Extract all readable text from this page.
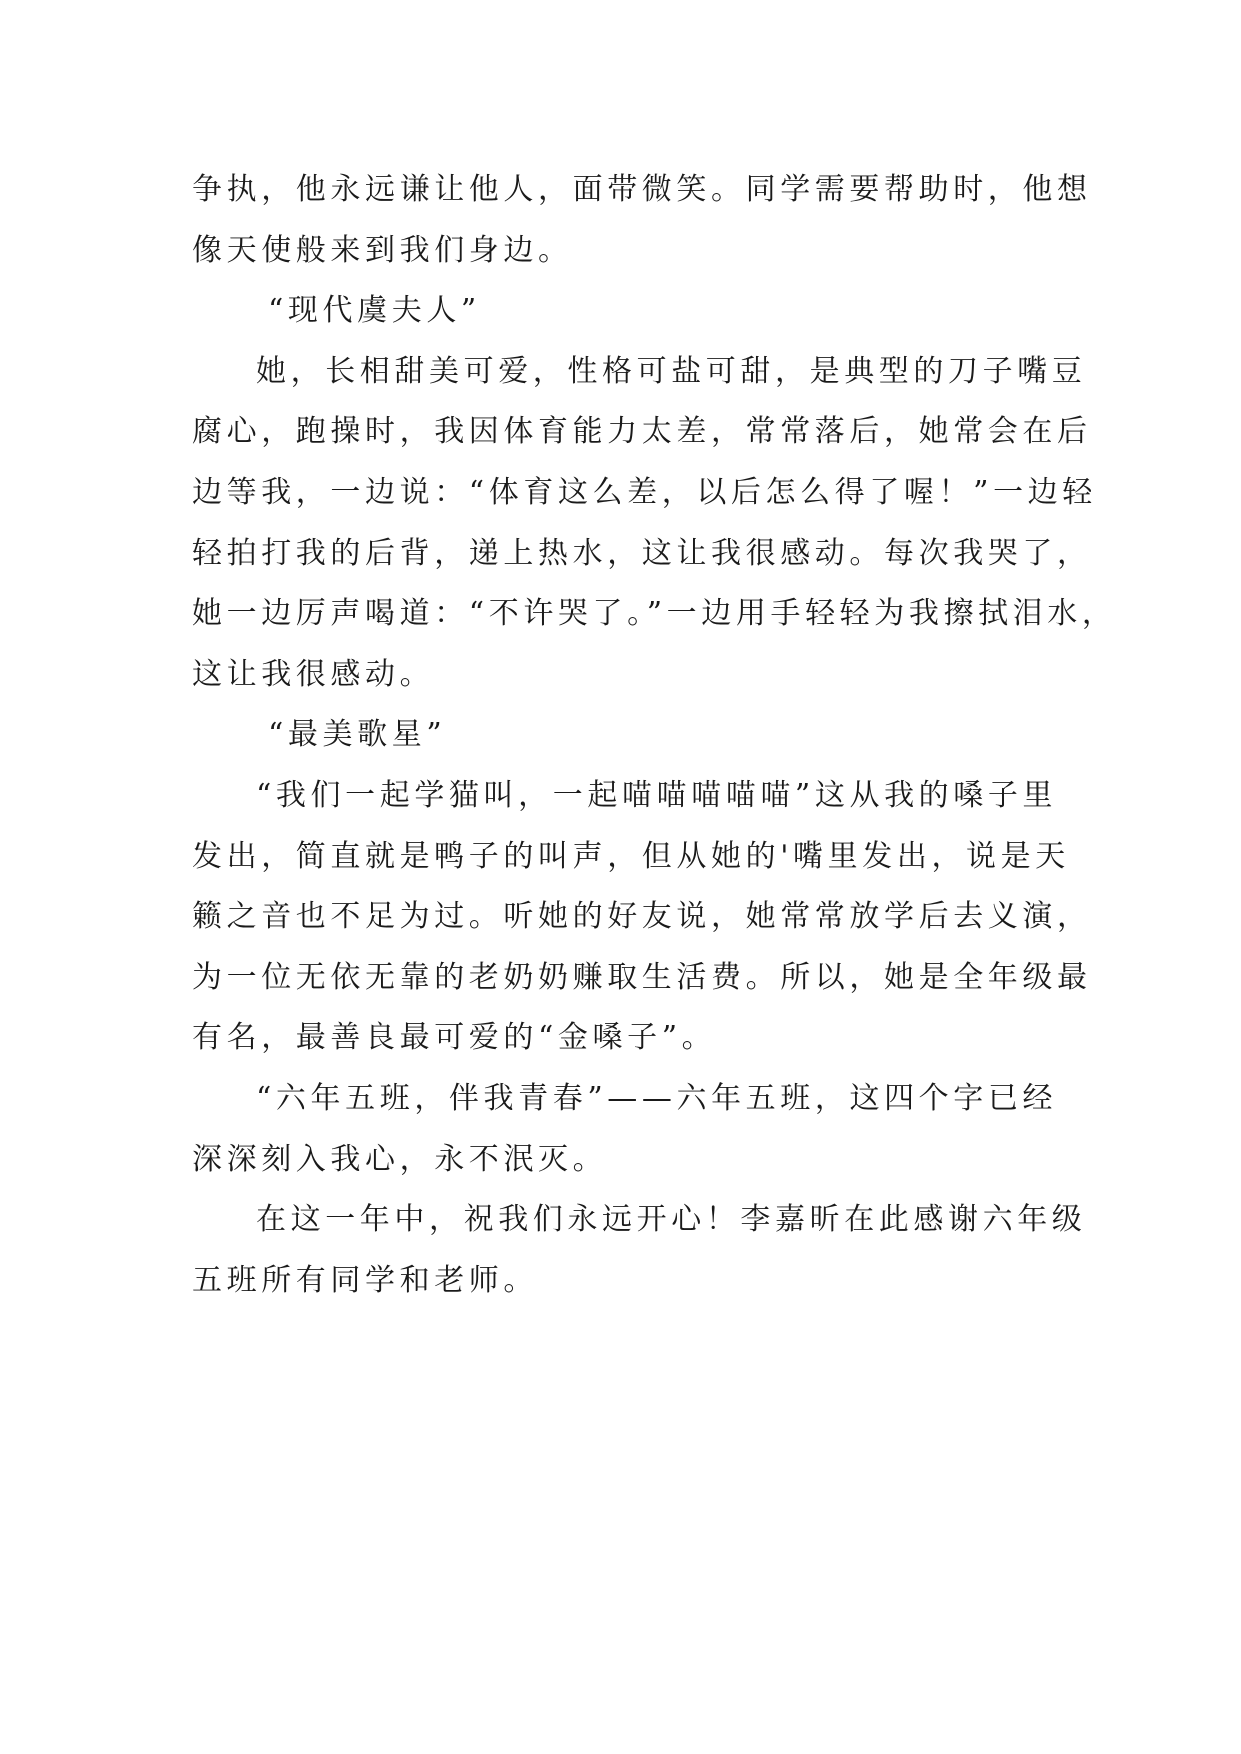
争执，他永远谦让他人，面带微笑。同学需要帮助时，他想
像天使般来到我们身边。
“现代虞夫人”
她，长相甜美可爱，性格可盐可甜，是典型的刀子嘴豆
腐心，跑操时，我因体育能力太差，常常落后，她常会在后
边等我，一边说：“体育这么差，以后怎么得了喔！”一边轻
轻拍打我的后背，递上热水，这让我很感动。每次我哭了，
她一边厉声喝道：“不许哭了。”一边用手轻轻为我擦拭泪水，
这让我很感动。
“最美歌星”
“我们一起学猫叫，一起喵喵喵喵喵”这从我的嗓子里
发出，简直就是鸭子的叫声，但从她的'嘴里发出，说是天
籁之音也不足为过。听她的好友说，她常常放学后去义演，
为一位无依无靠的老奶奶赚取生活费。所以，她是全年级最
有名，最善良最可爱的“金嗓子”。
“六年五班，伴我青春”——六年五班，这四个字已经
深深刻入我心，永不泯灭。
在这一年中，祝我们永远开心！李嘉昕在此感谢六年级
五班所有同学和老师。
